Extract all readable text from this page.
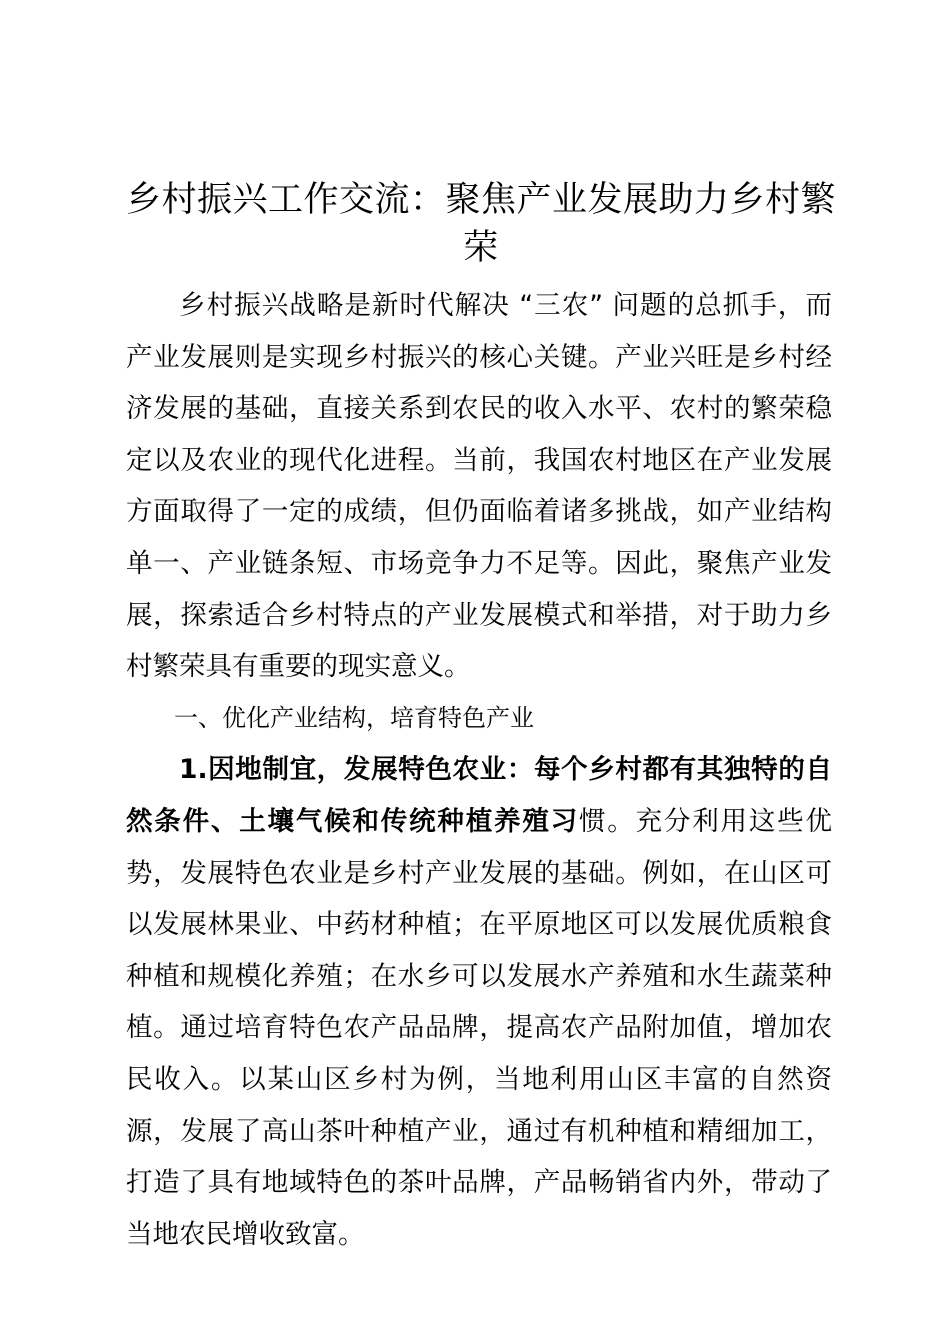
乡村振兴工作交流：聚焦产业发展助力乡村繁荣

乡村振兴战略是新时代解决 “三农” 问题的总抓手，而产业发展则是实现乡村振兴的核心关键。产业兴旺是乡村经济发展的基础，直接关系到农民的收入水平、农村的繁荣稳定以及农业的现代化进程。当前，我国农村地区在产业发展方面取得了一定的成绩，但仍面临着诸多挑战，如产业结构单一、产业链条短、市场竞争力不足等。因此，聚焦产业发展，探索适合乡村特点的产业发展模式和举措，对于助力乡村繁荣具有重要的现实意义。

一、优化产业结构，培育特色产业

1.因地制宜，发展特色农业：每个乡村都有其独特的自然条件、土壤气候和传统种植养殖习惯。充分利用这些优势，发展特色农业是乡村产业发展的基础。例如，在山区可以发展林果业、中药材种植；在平原地区可以发展优质粮食种植和规模化养殖；在水乡可以发展水产养殖和水生蔬菜种植。通过培育特色农产品品牌，提高农产品附加值，增加农民收入。以某山区乡村为例，当地利用山区丰富的自然资源，发展了高山茶叶种植产业，通过有机种植和精细加工，打造了具有地域特色的茶叶品牌，产品畅销省内外，带动了当地农民增收致富。
